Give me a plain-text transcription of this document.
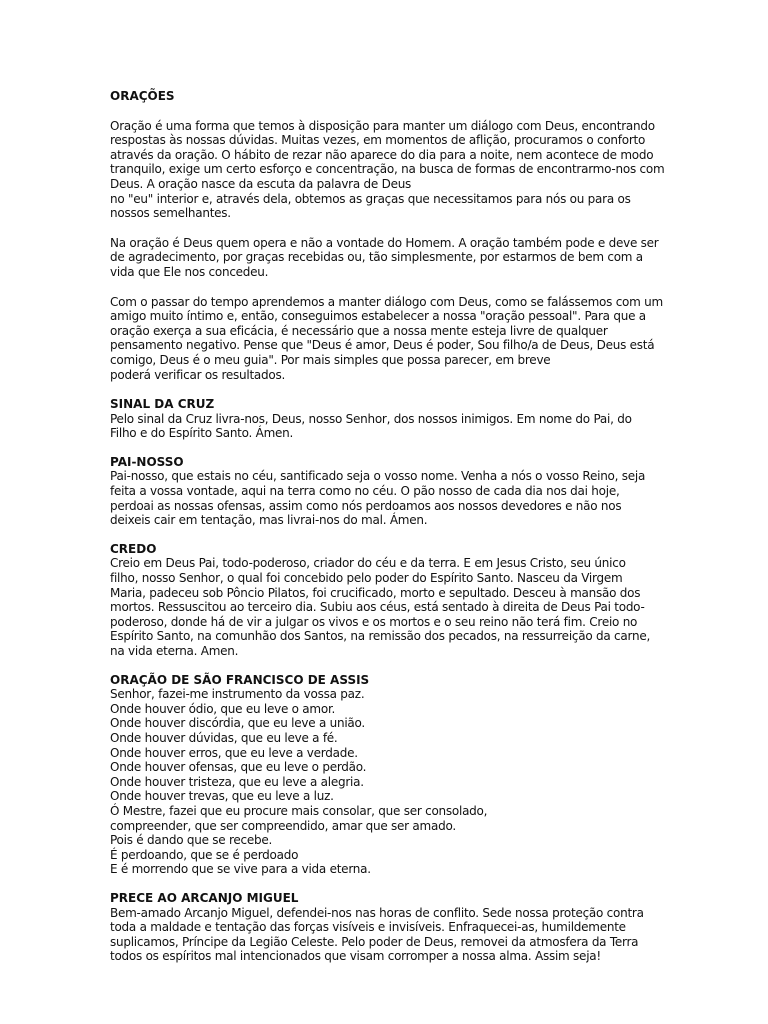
ORAÇÕES
Oração é uma forma que temos à disposição para manter um diálogo com Deus, encontrando
respostas às nossas dúvidas. Muitas vezes, em momentos de aflição, procuramos o conforto
através da oração. O hábito de rezar não aparece do dia para a noite, nem acontece de modo
tranquilo, exige um certo esforço e concentração, na busca de formas de encontrarmo-nos com
Deus. A oração nasce da escuta da palavra de Deus
no "eu" interior e, através dela, obtemos as graças que necessitamos para nós ou para os
nossos semelhantes.
Na oração é Deus quem opera e não a vontade do Homem. A oração também pode e deve ser
de agradecimento, por graças recebidas ou, tão simplesmente, por estarmos de bem com a
vida que Ele nos concedeu.
Com o passar do tempo aprendemos a manter diálogo com Deus, como se falássemos com um
amigo muito íntimo e, então, conseguimos estabelecer a nossa "oração pessoal". Para que a
oração exerça a sua eficácia, é necessário que a nossa mente esteja livre de qualquer
pensamento negativo. Pense que "Deus é amor, Deus é poder, Sou filho/a de Deus, Deus está
comigo, Deus é o meu guia". Por mais simples que possa parecer, em breve
poderá verificar os resultados.
SINAL DA CRUZ
Pelo sinal da Cruz livra-nos, Deus, nosso Senhor, dos nossos inimigos. Em nome do Pai, do
Filho e do Espírito Santo. Ámen.
PAI-NOSSO
Pai-nosso, que estais no céu, santificado seja o vosso nome. Venha a nós o vosso Reino, seja
feita a vossa vontade, aqui na terra como no céu. O pão nosso de cada dia nos dai hoje,
perdoai as nossas ofensas, assim como nós perdoamos aos nossos devedores e não nos
deixeis cair em tentação, mas livrai-nos do mal. Ámen.
CREDO
Creio em Deus Pai, todo-poderoso, criador do céu e da terra. E em Jesus Cristo, seu único
filho, nosso Senhor, o qual foi concebido pelo poder do Espírito Santo. Nasceu da Virgem
Maria, padeceu sob Pôncio Pilatos, foi crucificado, morto e sepultado. Desceu à mansão dos
mortos. Ressuscitou ao terceiro dia. Subiu aos céus, está sentado à direita de Deus Pai todo-
poderoso, donde há de vir a julgar os vivos e os mortos e o seu reino não terá fim. Creio no
Espírito Santo, na comunhão dos Santos, na remissão dos pecados, na ressurreição da carne,
na vida eterna. Amen.
ORAÇÃO DE SÃO FRANCISCO DE ASSIS
Senhor, fazei-me instrumento da vossa paz.
Onde houver ódio, que eu leve o amor.
Onde houver discórdia, que eu leve a união.
Onde houver dúvidas, que eu leve a fé.
Onde houver erros, que eu leve a verdade.
Onde houver ofensas, que eu leve o perdão.
Onde houver tristeza, que eu leve a alegria.
Onde houver trevas, que eu leve a luz.
Ó Mestre, fazei que eu procure mais consolar, que ser consolado,
compreender, que ser compreendido, amar que ser amado.
Pois é dando que se recebe.
É perdoando, que se é perdoado
E é morrendo que se vive para a vida eterna.
PRECE AO ARCANJO MIGUEL
Bem-amado Arcanjo Miguel, defendei-nos nas horas de conflito. Sede nossa proteção contra
toda a maldade e tentação das forças visíveis e invisíveis. Enfraquecei-as, humildemente
suplicamos, Príncipe da Legião Celeste. Pelo poder de Deus, removei da atmosfera da Terra
todos os espíritos mal intencionados que visam corromper a nossa alma. Assim seja!
